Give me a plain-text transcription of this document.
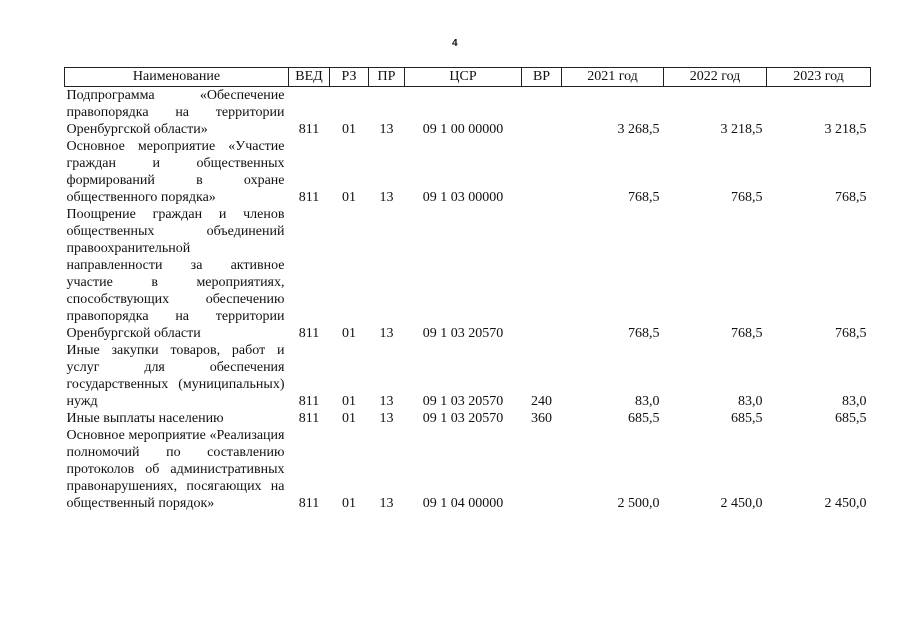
4
Наименование	ВЕД	РЗ	ПР	ЦСР	ВР	2021 год	2022 год	2023 год
Подпрограмма «Обеспечение правопорядка на территории Оренбургской области»	811	01	13	09 1 00 00000		3 268,5	3 218,5	3 218,5
Основное мероприятие «Участие граждан и общественных формирований в охране общественного порядка»	811	01	13	09 1 03 00000		768,5	768,5	768,5
Поощрение граждан и членов общественных объединений правоохранительной направленности за активное участие в мероприятиях, способствующих обеспечению правопорядка на территории Оренбургской области	811	01	13	09 1 03 20570		768,5	768,5	768,5
Иные закупки товаров, работ и услуг для обеспечения государственных (муниципальных) нужд	811	01	13	09 1 03 20570	240	83,0	83,0	83,0
Иные выплаты населению	811	01	13	09 1 03 20570	360	685,5	685,5	685,5
Основное мероприятие «Реализация полномочий по составлению протоколов об административных правонарушениях, посягающих на общественный порядок»	811	01	13	09 1 04 00000		2 500,0	2 450,0	2 450,0
